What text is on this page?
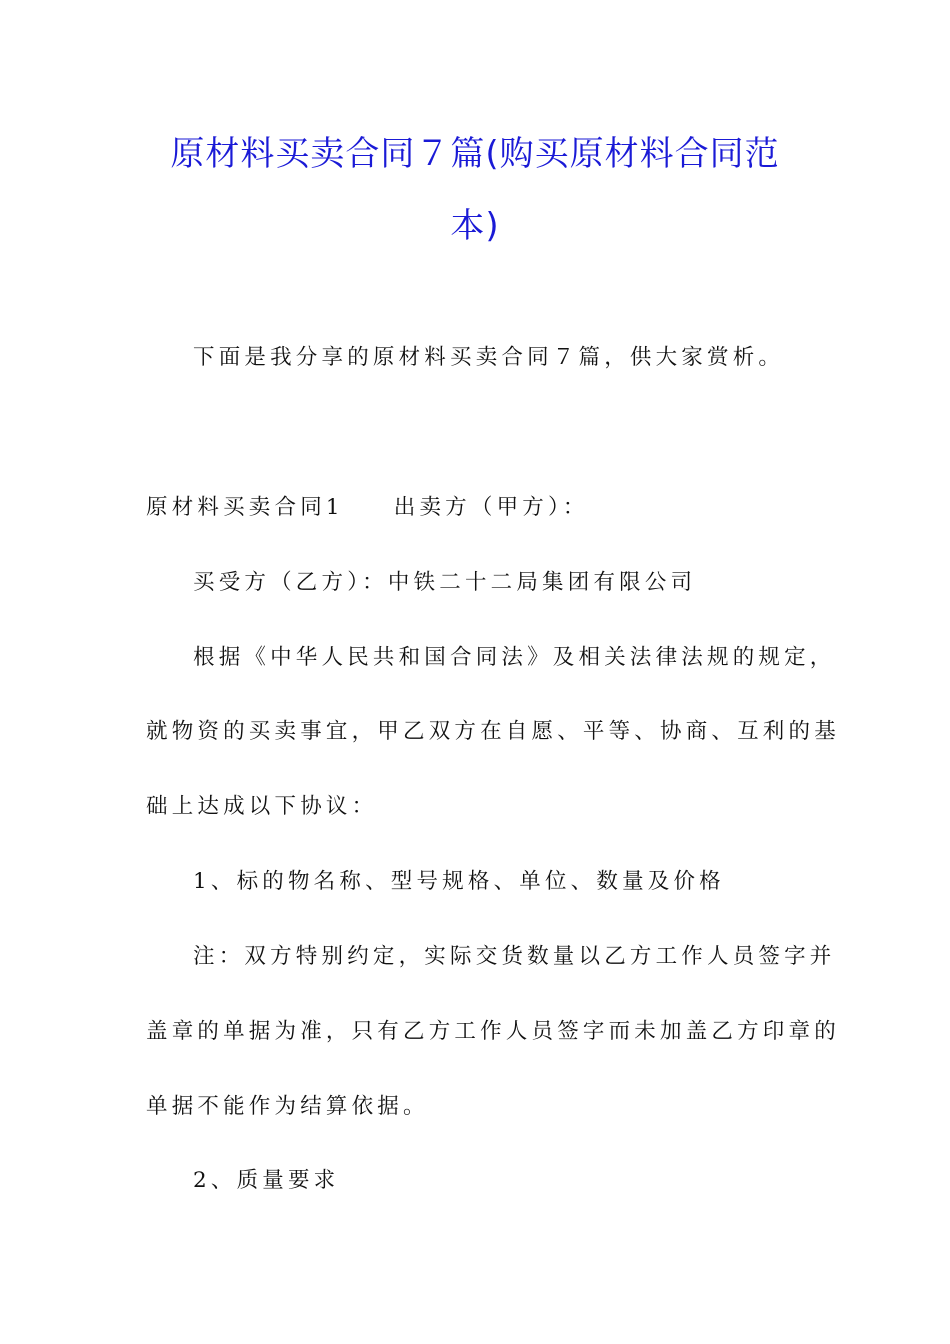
原材料买卖合同７篇(购买原材料合同范
本)

下面是我分享的原材料买卖合同７篇，供大家赏析。

原材料买卖合同1 出卖方（甲方）：

买受方（乙方）：中铁二十二局集团有限公司

根据《中华人民共和国合同法》及相关法律法规的规定，

就物资的买卖事宜，甲乙双方在自愿、平等、协商、互利的基

础上达成以下协议：

1、标的物名称、型号规格、单位、数量及价格

注：双方特别约定，实际交货数量以乙方工作人员签字并

盖章的单据为准，只有乙方工作人员签字而未加盖乙方印章的

单据不能作为结算依据。

2、质量要求
